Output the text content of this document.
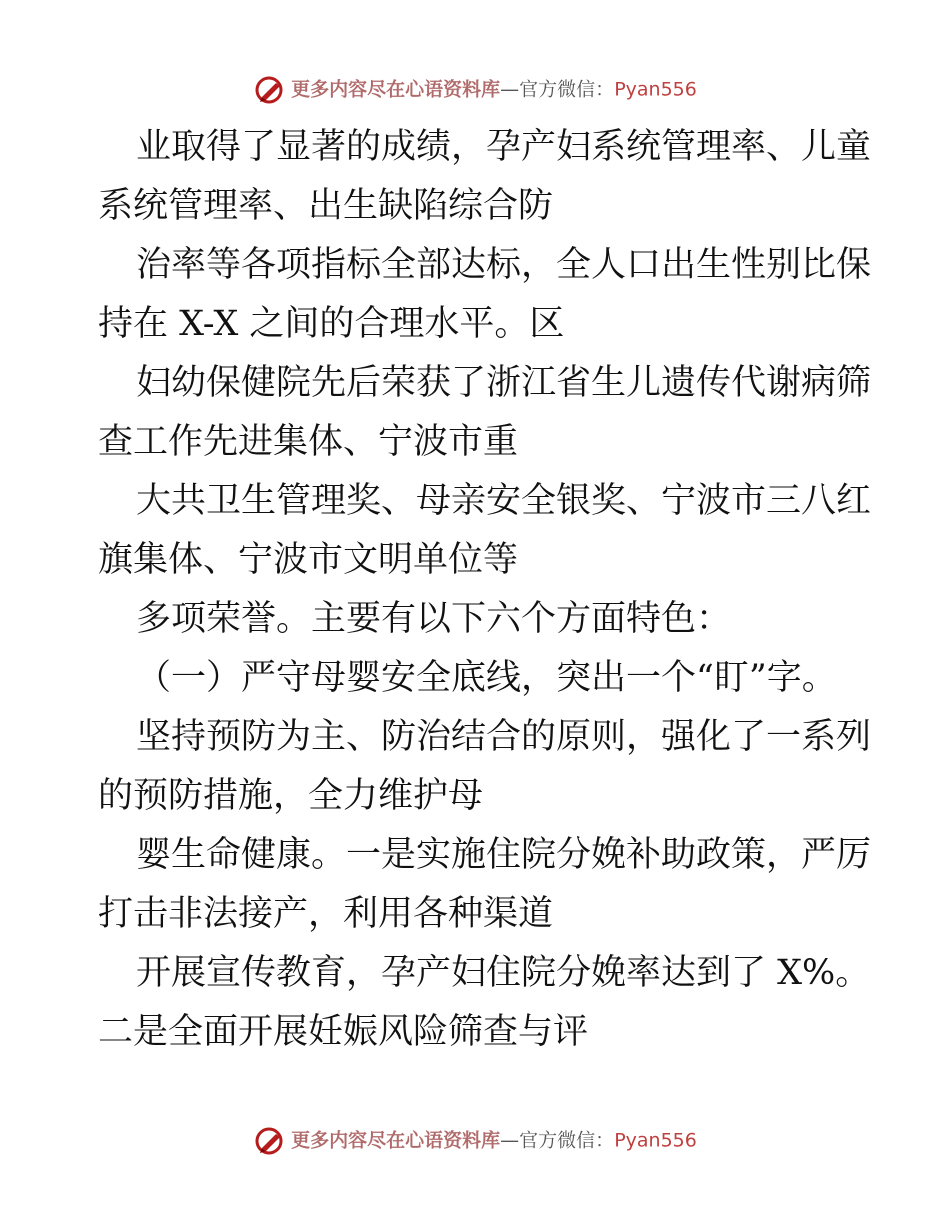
更多内容尽在心语资料库—官方微信：Pyan556
业取得了显著的成绩，孕产妇系统管理率、儿童
系统管理率、出生缺陷综合防
治率等各项指标全部达标，全人口出生性别比保
持在 X-X 之间的合理水平。区
妇幼保健院先后荣获了浙江省生儿遗传代谢病筛
查工作先进集体、宁波市重
大共卫生管理奖、母亲安全银奖、宁波市三八红
旗集体、宁波市文明单位等
多项荣誉。主要有以下六个方面特色：
（一）严守母婴安全底线，突出一个“盯”字。
坚持预防为主、防治结合的原则，强化了一系列
的预防措施，全力维护母
婴生命健康。一是实施住院分娩补助政策，严厉
打击非法接产，利用各种渠道
开展宣传教育，孕产妇住院分娩率达到了 X%。
二是全面开展妊娠风险筛查与评
更多内容尽在心语资料库—官方微信：Pyan556
